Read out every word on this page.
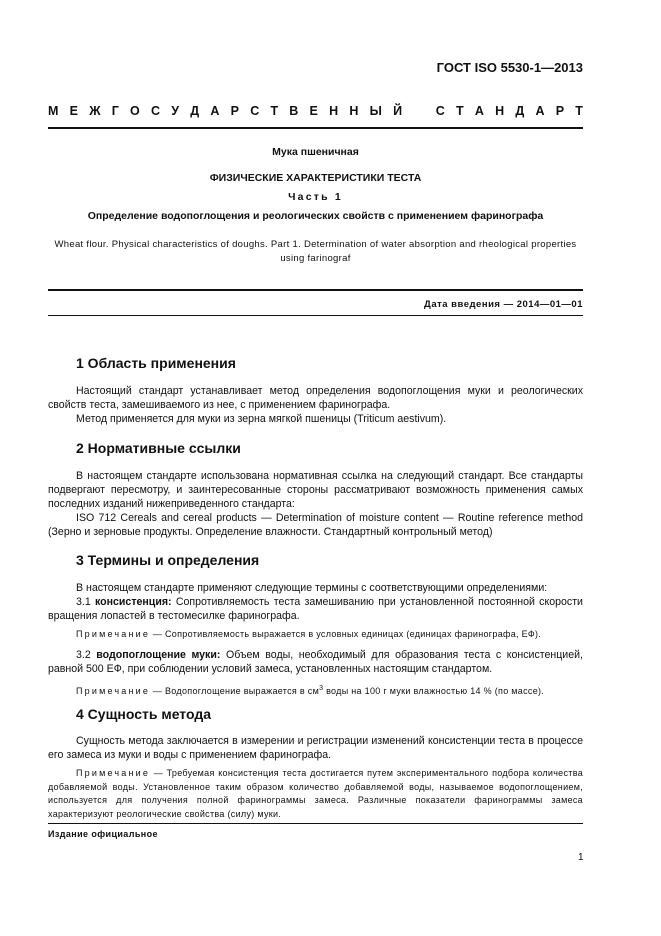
ГОСТ ISO 5530-1—2013
М Е Ж Г О С У Д А Р С Т В Е Н Н Ы Й	С Т А Н Д А Р Т
Мука пшеничная
ФИЗИЧЕСКИЕ ХАРАКТЕРИСТИКИ ТЕСТА
Часть 1
Определение водопоглощения и реологических свойств с применением фаринографа
Wheat flour. Physical characteristics of doughs. Part 1. Determination of water absorption and rheological properties
using farinograf
Дата введения — 2014—01—01
1 Область применения

Настоящий стандарт устанавливает метод определения водопоглощения муки и реологических свойств теста, замешиваемого из нее, с применением фаринографа.

Метод применяется для муки из зерна мягкой пшеницы (Triticum aestivum).

2 Нормативные ссылки

В настоящем стандарте использована нормативная ссылка на следующий стандарт. Все стандарты подвергают пересмотру, и заинтересованные стороны рассматривают возможность применения самых последних изданий нижеприведенного стандарта:

ISO 712 Cereals and cereal products — Determination of moisture content — Routine reference method (Зерно и зерновые продукты. Определение влажности. Стандартный контрольный метод)

3 Термины и определения

В настоящем стандарте применяют следующие термины с соответствующими определениями:

3.1 консистенция: Сопротивляемость теста замешиванию при установленной постоянной скорости вращения лопастей в тестомесилке фаринографа.

Примечание — Сопротивляемость выражается в условных единицах (единицах фаринографа, ЕФ).

3.2 водопоглощение муки: Объем воды, необходимый для образования теста с консистенцией, равной 500 ЕФ, при соблюдении условий замеса, установленных настоящим стандартом.

Примечание — Водопоглощение выражается в $см^3$ воды на 100 г муки влажностью 14 % (по массе).

4 Сущность метода

Сущность метода заключается в измерении и регистрации изменений консистенции теста в процессе его замеса из муки и воды с применением фаринографа.

Примечание — Требуемая консистенция теста достигается путем экспериментального подбора количества добавляемой воды. Установленное таким образом количество добавляемой воды, называемое водопоглощением, используется для получения полной фаринограммы замеса. Различные показатели фаринограммы замеса характеризуют реологические свойства (силу) муки.

Издание официальное
1
